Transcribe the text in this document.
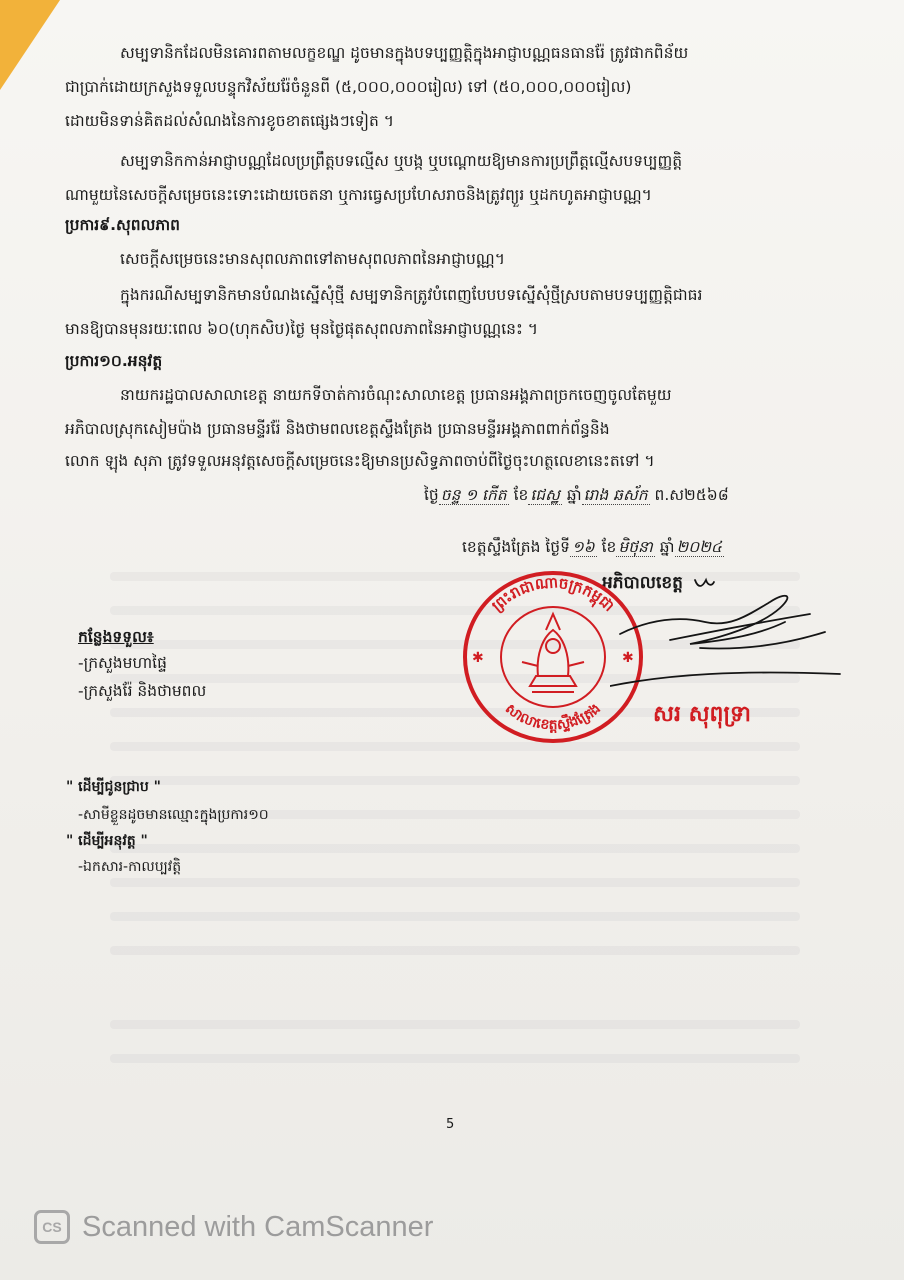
សម្បទានិកដែលមិនគោរពតាមលក្ខខណ្ឌ ដូចមានក្នុងបទប្បញ្ញត្តិក្នុងអាជ្ញាបណ្ណធនធានរ៉ែ ត្រូវផាកពិន័យ
ជាប្រាក់ដោយក្រសួងទទួលបន្ទុកវិស័យរ៉ែចំនួនពី (៥,០០០,០០០រៀល) ទៅ (៥០,០០០,០០០រៀល)
ដោយមិនទាន់គិតដល់សំណងនៃការខូចខាតផ្សេងៗទៀត ។
សម្បទានិកកាន់អាជ្ញាបណ្ណដែលប្រព្រឹត្តបទល្មើស ឬបង្ក ឬបណ្តោយឱ្យមានការប្រព្រឹត្តល្មើសបទប្បញ្ញត្តិ
ណាមួយនៃសេចក្តីសម្រេចនេះទោះដោយចេតនា ឬការធ្វេសប្រហែសរាចនិងត្រូវព្យួរ ឬដកហូតអាជ្ញាបណ្ណ។
ប្រការ៩.សុពលភាព
សេចក្តីសម្រេចនេះមានសុពលភាពទៅតាមសុពលភាពនៃអាជ្ញាបណ្ណ។
ក្នុងករណីសម្បទានិកមានបំណងស្នើសុំថ្មី សម្បទានិកត្រូវបំពេញបែបបទស្នើសុំថ្មីស្របតាមបទប្បញ្ញត្តិជាធរ
មានឱ្យបានមុនរយៈពេល ៦០(ហុកសិប)ថ្ងៃ មុនថ្ងៃផុតសុពលភាពនៃអាជ្ញាបណ្ណនេះ ។
ប្រការ១០.អនុវត្ត
នាយករដ្ឋបាលសាលាខេត្ត នាយកទីចាត់ការចំណុះសាលាខេត្ត ប្រធានអង្គភាពច្រកចេញចូលតែមួយ
អភិបាលស្រុកសៀមប៉ាង ប្រធានមន្ទីររ៉ែ និងថាមពលខេត្តស្ទឹងត្រែង ប្រធានមន្ទីរអង្គភាពពាក់ព័ន្ធនិង
លោក ឡុង សុភា ត្រូវទទួលអនុវត្តសេចក្តីសម្រេចនេះឱ្យមានប្រសិទ្ធភាពចាប់ពីថ្ងៃចុះហត្ថលេខានេះតទៅ ។
ថ្ងៃ ចន្ទ ១ កើត ខែ ជេស្ឋ ឆ្នាំ រោង ឆស័ក ព.ស២៥៦៨
ខេត្តស្ទឹងត្រែង ថ្ងៃទី ១៦ ខែ មិថុនា ឆ្នាំ ២០២៤
អភិបាលខេត្ត
ព្រះរាជាណាចក្រកម្ពុជា
សាលាខេត្តស្ទឹងត្រែង
✱	✱
សរ សុពុទ្រា
កន្លែងទទួល៖
-ក្រសួងមហាផ្ទៃ
-ក្រសួងរ៉ែ និងថាមពល
" ដើម្បីជូនជ្រាប "
-សាមីខ្លួនដូចមានឈ្មោះក្នុងប្រការ១០
" ដើម្បីអនុវត្ត "
-ឯកសារ-កាលប្បវត្តិ
5
CS Scanned with CamScanner
